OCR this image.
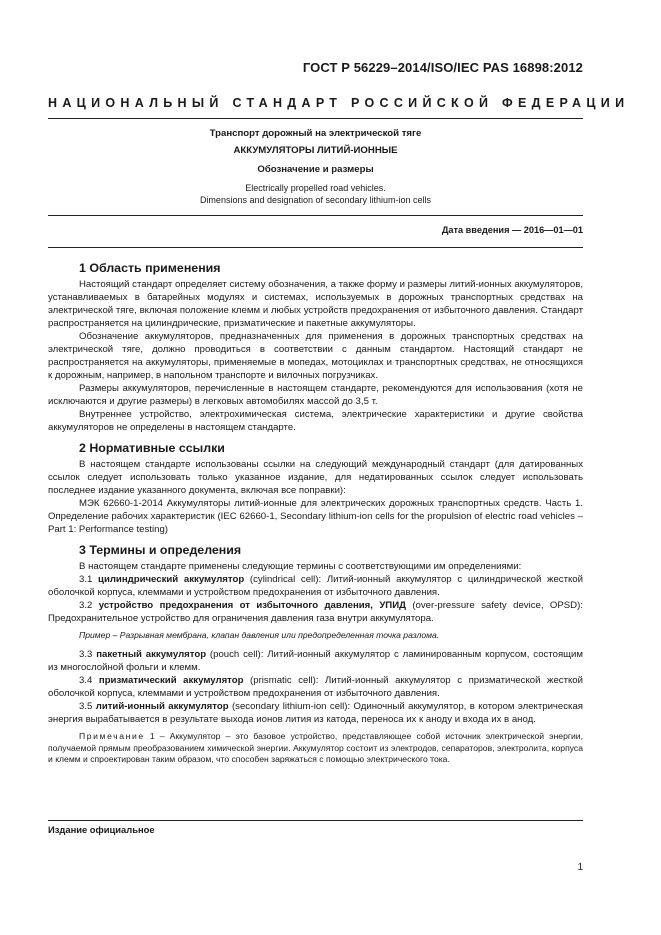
ГОСТ Р 56229–2014/ISO/IEC PAS 16898:2012
НАЦИОНАЛЬНЫЙ СТАНДАРТ РОССИЙСКОЙ ФЕДЕРАЦИИ
Транспорт дорожный на электрической тяге
АККУМУЛЯТОРЫ ЛИТИЙ-ИОННЫЕ
Обозначение и размеры
Electrically propelled road vehicles.
Dimensions and designation of secondary lithium-ion cells
Дата введения — 2016—01—01
1 Область применения

Настоящий стандарт определяет систему обозначения, а также форму и размеры литий-ионных аккумуляторов, устанавливаемых в батарейных модулях и системах, используемых в дорожных транспортных средствах на электрической тяге, включая положение клемм и любых устройств предохранения от избыточного давления. Стандарт распространяется на цилиндрические, призматические и пакетные аккумуляторы.

Обозначение аккумуляторов, предназначенных для применения в дорожных транспортных средствах на электрической тяге, должно проводиться в соответствии с данным стандартом. Настоящий стандарт не распространяется на аккумуляторы, применяемые в мопедах, мотоциклах и транспортных средствах, не относящихся к дорожным, например, в напольном транспорте и вилочных погрузчиках.

Размеры аккумуляторов, перечисленные в настоящем стандарте, рекомендуются для использования (хотя не исключаются и другие размеры) в легковых автомобилях массой до 3,5 т.

Внутреннее устройство, электрохимическая система, электрические характеристики и другие свойства аккумуляторов не определены в настоящем стандарте.

2 Нормативные ссылки

В настоящем стандарте использованы ссылки на следующий международный стандарт (для датированных ссылок следует использовать только указанное издание, для недатированных ссылок следует использовать последнее издание указанного документа, включая все поправки):

МЭК 62660-1-2014 Аккумуляторы литий-ионные для электрических дорожных транспортных средств. Часть 1. Определение рабочих характеристик (IEC 62660-1, Secondary lithium-ion cells for the propulsion of electric road vehicles – Part 1: Performance testing)

3 Термины и определения

В настоящем стандарте применены следующие термины с соответствующими им определениями:

3.1 цилиндрический аккумулятор (cylindrical cell): Литий-ионный аккумулятор с цилиндрической жесткой оболочкой корпуса, клеммами и устройством предохранения от избыточного давления.

3.2 устройство предохранения от избыточного давления, УПИД (over-pressure safety device, OPSD): Предохранительное устройство для ограничения давления газа внутри аккумулятора.

Пример – Разрывная мембрана, клапан давления или предопределенная точка разлома.

3.3 пакетный аккумулятор (pouch cell): Литий-ионный аккумулятор с ламинированным корпусом, состоящим из многослойной фольги и клемм.

3.4 призматический аккумулятор (prismatic cell): Литий-ионный аккумулятор с призматической жесткой оболочкой корпуса, клеммами и устройством предохранения от избыточного давления.

3.5 литий-ионный аккумулятор (secondary lithium-ion cell): Одиночный аккумулятор, в котором электрическая энергия вырабатывается в результате выхода ионов лития из катода, переноса их к аноду и входа их в анод.

Примечание 1 – Аккумулятор – это базовое устройство, представляющее собой источник электрической энергии, получаемой прямым преобразованием химической энергии. Аккумулятор состоит из электродов, сепараторов, электролита, корпуса и клемм и спроектирован таким образом, что способен заряжаться с помощью электрического тока.

Издание официальное
1
